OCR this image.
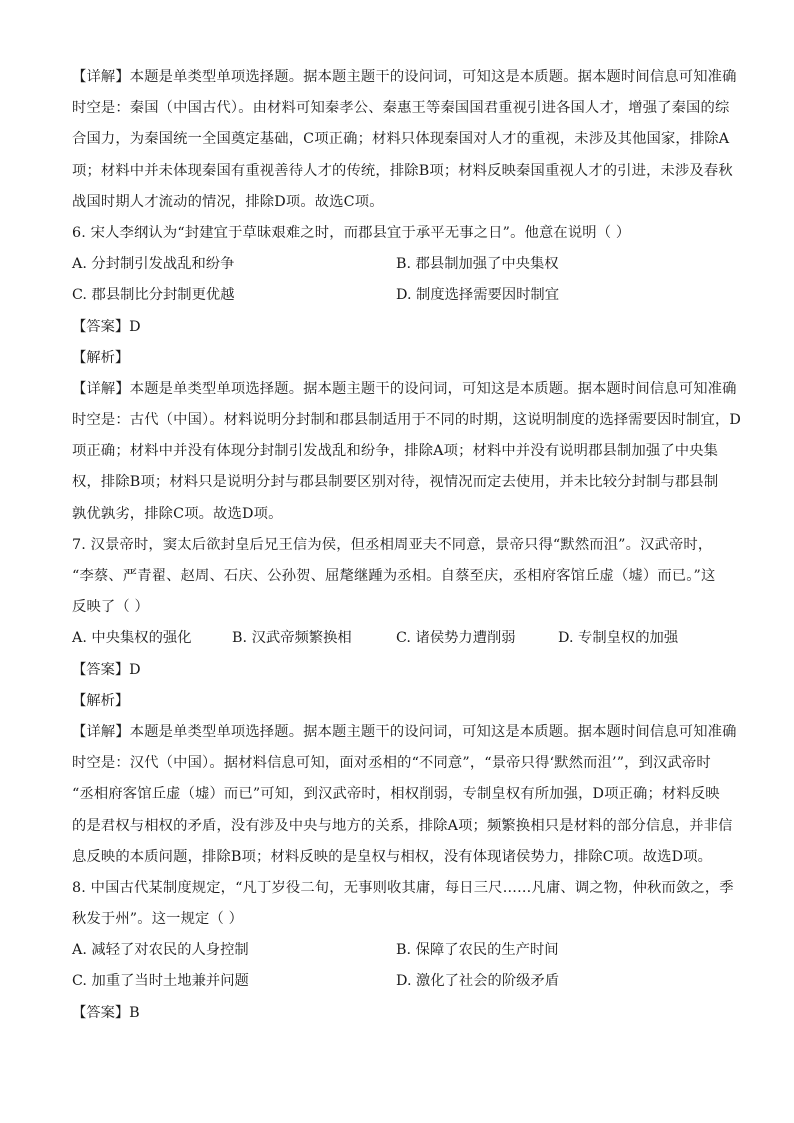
【详解】本题是单类型单项选择题。据本题主题干的设问词，可知这是本质题。据本题时间信息可知准确
时空是：秦国（中国古代）。由材料可知秦孝公、秦惠王等秦国国君重视引进各国人才，增强了秦国的综
合国力，为秦国统一全国奠定基础，C项正确；材料只体现秦国对人才的重视，未涉及其他国家，排除A
项；材料中并未体现秦国有重视善待人才的传统，排除B项；材料反映秦国重视人才的引进，未涉及春秋
战国时期人才流动的情况，排除D项。故选C项。
6. 宋人李纲认为“封建宜于草昧艰难之时，而郡县宜于承平无事之日”。他意在说明（ ）
A. 分封制引发战乱和纷争	B. 郡县制加强了中央集权
C. 郡县制比分封制更优越	D. 制度选择需要因时制宜
【答案】D
【解析】
【详解】本题是单类型单项选择题。据本题主题干的设问词，可知这是本质题。据本题时间信息可知准确
时空是：古代（中国）。材料说明分封制和郡县制适用于不同的时期，这说明制度的选择需要因时制宜，D
项正确；材料中并没有体现分封制引发战乱和纷争，排除A项；材料中并没有说明郡县制加强了中央集
权，排除B项；材料只是说明分封与郡县制要区别对待，视情况而定去使用，并未比较分封制与郡县制
孰优孰劣，排除C项。故选D项。
7. 汉景帝时，窦太后欲封皇后兄王信为侯，但丞相周亚夫不同意，景帝只得“默然而沮”。汉武帝时，
“李蔡、严青翟、赵周、石庆、公孙贺、屈氂继踵为丞相。自蔡至庆，丞相府客馆丘虚（墟）而已。”这
反映了（ ）
A. 中央集权的强化	B. 汉武帝频繁换相	C. 诸侯势力遭削弱	D. 专制皇权的加强
【答案】D
【解析】
【详解】本题是单类型单项选择题。据本题主题干的设问词，可知这是本质题。据本题时间信息可知准确
时空是：汉代（中国）。据材料信息可知，面对丞相的“不同意”，“景帝只得‘默然而沮’”，到汉武帝时
“丞相府客馆丘虚（墟）而已”可知，到汉武帝时，相权削弱，专制皇权有所加强，D项正确；材料反映
的是君权与相权的矛盾，没有涉及中央与地方的关系，排除A项；频繁换相只是材料的部分信息，并非信
息反映的本质问题，排除B项；材料反映的是皇权与相权，没有体现诸侯势力，排除C项。故选D项。
8. 中国古代某制度规定，“凡丁岁役二旬，无事则收其庸，每日三尺……凡庸、调之物，仲秋而敛之，季
秋发于州”。这一规定（ ）
A. 减轻了对农民的人身控制	B. 保障了农民的生产时间
C. 加重了当时土地兼并问题	D. 激化了社会的阶级矛盾
【答案】B
